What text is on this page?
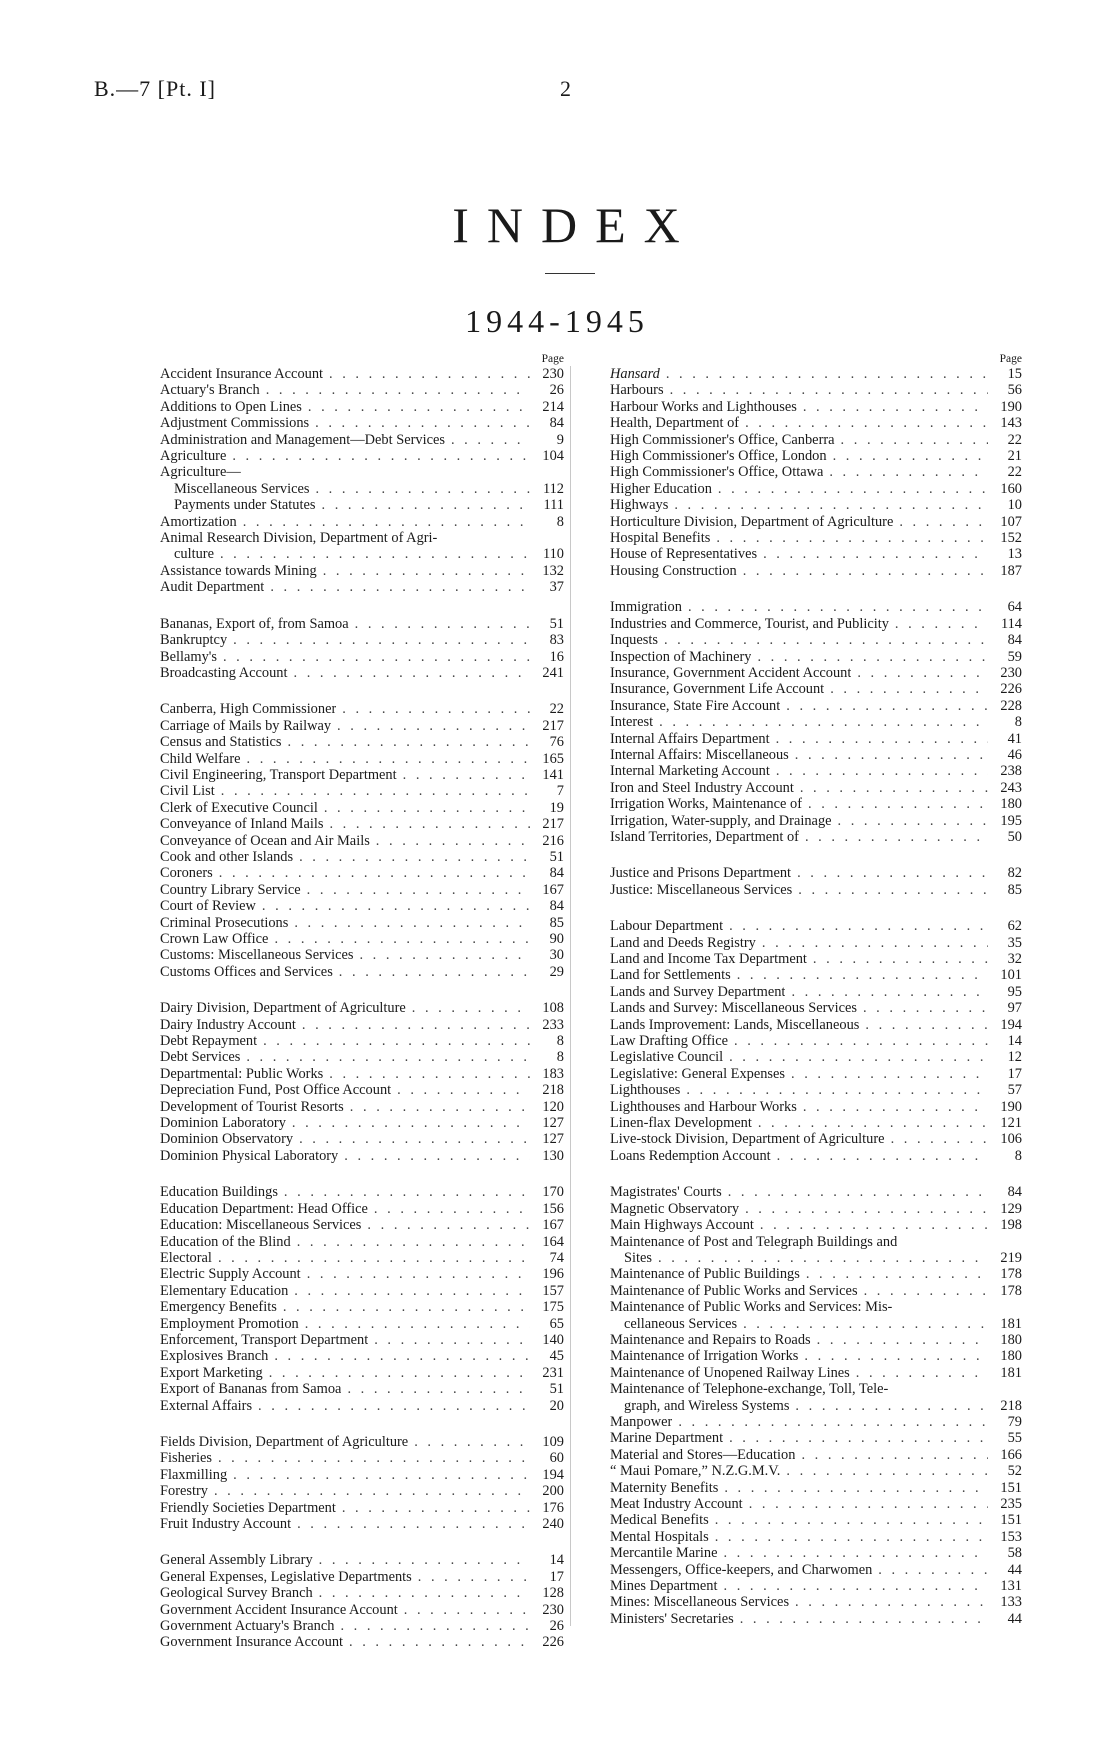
B.—7 [Pt. I]	2
INDEX
1944-1945
Page
Accident Insurance Account . . .	230
Actuary's Branch . . .	26
Additions to Open Lines . . .	214
Adjustment Commissions . . .	84
Administration and Management—Debt Services . . .	9
Agriculture . . .	104
Agriculture—
Miscellaneous Services . . .	112
Payments under Statutes . . .	111
Amortization . . .	8
Animal Research Division, Department of Agri-
culture . . .	110
Assistance towards Mining . . .	132
Audit Department . . .	37
Bananas, Export of, from Samoa . . .	51
Bankruptcy . . .	83
Bellamy's . . .	16
Broadcasting Account . . .	241
Canberra, High Commissioner . . .	22
Carriage of Mails by Railway . . .	217
Census and Statistics . . .	76
Child Welfare . . .	165
Civil Engineering, Transport Department . . .	141
Civil List . . .	7
Clerk of Executive Council . . .	19
Conveyance of Inland Mails . . .	217
Conveyance of Ocean and Air Mails . . .	216
Cook and other Islands . . .	51
Coroners . . .	84
Country Library Service . . .	167
Court of Review . . .	84
Criminal Prosecutions . . .	85
Crown Law Office . . .	90
Customs: Miscellaneous Services . . .	30
Customs Offices and Services . . .	29
Dairy Division, Department of Agriculture . . .	108
Dairy Industry Account . . .	233
Debt Repayment . . .	8
Debt Services . . .	8
Departmental: Public Works . . .	183
Depreciation Fund, Post Office Account . . .	218
Development of Tourist Resorts . . .	120
Dominion Laboratory . . .	127
Dominion Observatory . . .	127
Dominion Physical Laboratory . . .	130
Education Buildings . . .	170
Education Department: Head Office . . .	156
Education: Miscellaneous Services . . .	167
Education of the Blind . . .	164
Electoral . . .	74
Electric Supply Account . . .	196
Elementary Education . . .	157
Emergency Benefits . . .	175
Employment Promotion . . .	65
Enforcement, Transport Department . . .	140
Explosives Branch . . .	45
Export Marketing . . .	231
Export of Bananas from Samoa . . .	51
External Affairs . . .	20
Fields Division, Department of Agriculture . . .	109
Fisheries . . .	60
Flaxmilling . . .	194
Forestry . . .	200
Friendly Societies Department . . .	176
Fruit Industry Account . . .	240
General Assembly Library . . .	14
General Expenses, Legislative Departments . . .	17
Geological Survey Branch . . .	128
Government Accident Insurance Account . . .	230
Government Actuary's Branch . . .	26
Government Insurance Account . . .	226
Page
Hansard . . .	15
Harbours . . .	56
Harbour Works and Lighthouses . . .	190
Health, Department of . . .	143
High Commissioner's Office, Canberra . . .	22
High Commissioner's Office, London . . .	21
High Commissioner's Office, Ottawa . . .	22
Higher Education . . .	160
Highways . . .	10
Horticulture Division, Department of Agriculture . . .	107
Hospital Benefits . . .	152
House of Representatives . . .	13
Housing Construction . . .	187
Immigration . . .	64
Industries and Commerce, Tourist, and Publicity . . .	114
Inquests . . .	84
Inspection of Machinery . . .	59
Insurance, Government Accident Account . . .	230
Insurance, Government Life Account . . .	226
Insurance, State Fire Account . . .	228
Interest . . .	8
Internal Affairs Department . . .	41
Internal Affairs: Miscellaneous . . .	46
Internal Marketing Account . . .	238
Iron and Steel Industry Account . . .	243
Irrigation Works, Maintenance of . . .	180
Irrigation, Water-supply, and Drainage . . .	195
Island Territories, Department of . . .	50
Justice and Prisons Department . . .	82
Justice: Miscellaneous Services . . .	85
Labour Department . . .	62
Land and Deeds Registry . . .	35
Land and Income Tax Department . . .	32
Land for Settlements . . .	101
Lands and Survey Department . . .	95
Lands and Survey: Miscellaneous Services . . .	97
Lands Improvement: Lands, Miscellaneous . . .	194
Law Drafting Office . . .	14
Legislative Council . . .	12
Legislative: General Expenses . . .	17
Lighthouses . . .	57
Lighthouses and Harbour Works . . .	190
Linen-flax Development . . .	121
Live-stock Division, Department of Agriculture . . .	106
Loans Redemption Account . . .	8
Magistrates' Courts . . .	84
Magnetic Observatory . . .	129
Main Highways Account . . .	198
Maintenance of Post and Telegraph Buildings and
Sites . . .	219
Maintenance of Public Buildings . . .	178
Maintenance of Public Works and Services . . .	178
Maintenance of Public Works and Services: Mis-
cellaneous Services . . .	181
Maintenance and Repairs to Roads . . .	180
Maintenance of Irrigation Works . . .	180
Maintenance of Unopened Railway Lines . . .	181
Maintenance of Telephone-exchange, Toll, Tele-
graph, and Wireless Systems . . .	218
Manpower . . .	79
Marine Department . . .	55
Material and Stores—Education . . .	166
“ Maui Pomare,” N.Z.G.M.V. . . .	52
Maternity Benefits . . .	151
Meat Industry Account . . .	235
Medical Benefits . . .	151
Mental Hospitals . . .	153
Mercantile Marine . . .	58
Messengers, Office-keepers, and Charwomen . . .	44
Mines Department . . .	131
Mines: Miscellaneous Services . . .	133
Ministers' Secretaries . . .	44
